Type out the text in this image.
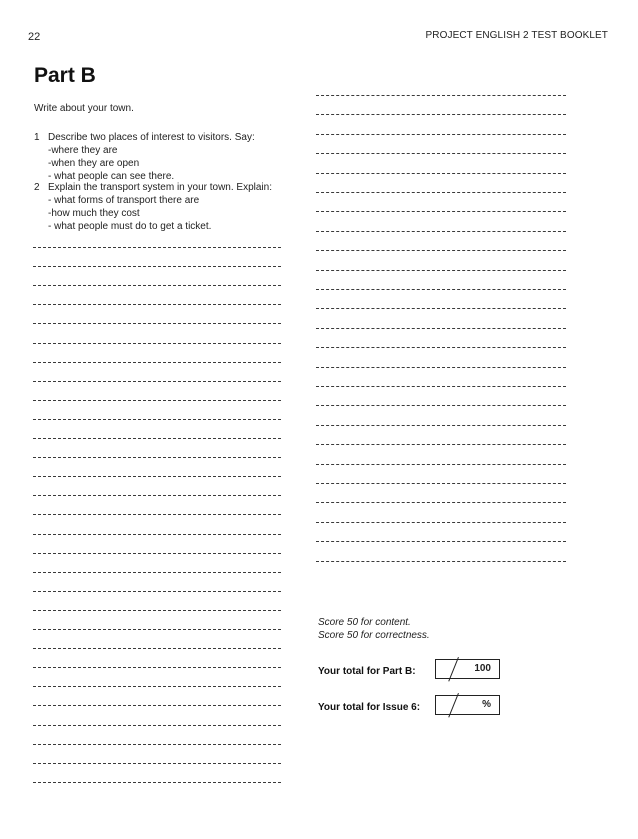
22	PROJECT ENGLISH 2 TEST BOOKLET
Part B
Write about your town.
1 Describe two places of interest to visitors. Say:
-where they are
-when they are open
- what people can see there.
2 Explain the transport system in your town. Explain:
- what forms of transport there are
-how much they cost
- what people must do to get a ticket.
Score 50 for content.
Score 50 for correctness.
Your total for Part B:	100
Your total for Issue 6:	%
